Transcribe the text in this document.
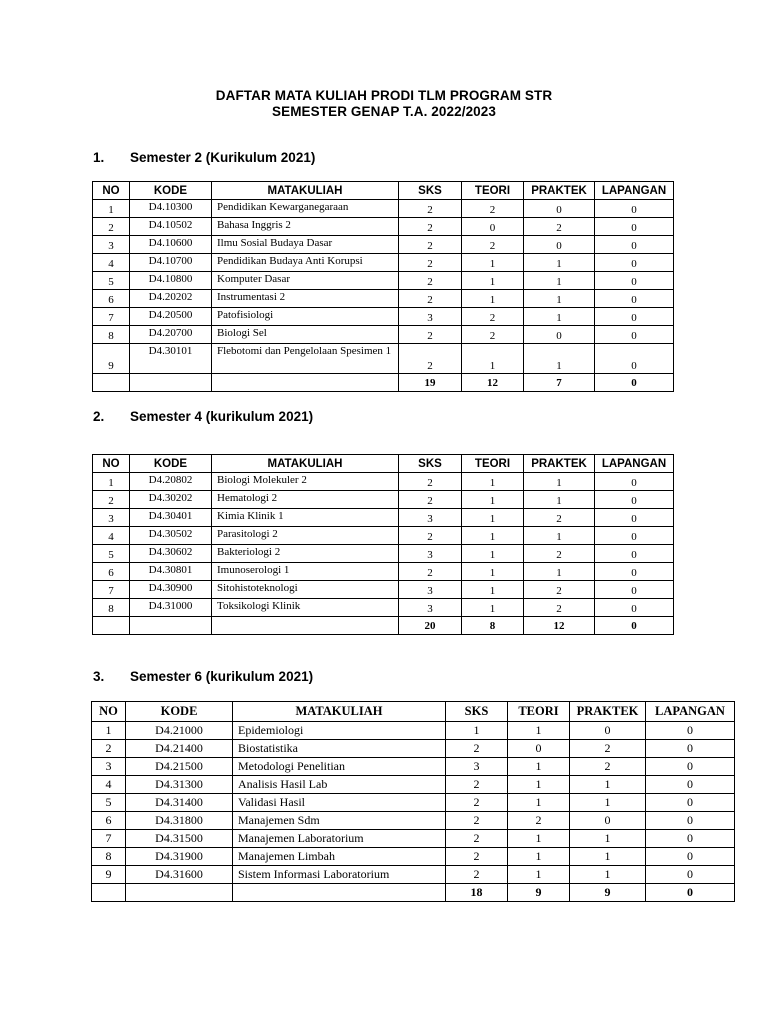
DAFTAR MATA KULIAH PRODI TLM PROGRAM STR
SEMESTER GENAP T.A. 2022/2023
1. Semester 2 (Kurikulum 2021)
NO	KODE	MATAKULIAH	SKS	TEORI	PRAKTEK	LAPANGAN
1	D4.10300	Pendidikan Kewarganegaraan	2	2	0	0
2	D4.10502	Bahasa Inggris 2	2	0	2	0
3	D4.10600	Ilmu Sosial Budaya Dasar	2	2	0	0
4	D4.10700	Pendidikan Budaya Anti Korupsi	2	1	1	0
5	D4.10800	Komputer Dasar	2	1	1	0
6	D4.20202	Instrumentasi 2	2	1	1	0
7	D4.20500	Patofisiologi	3	2	1	0
8	D4.20700	Biologi Sel	2	2	0	0
9	D4.30101	Flebotomi dan Pengelolaan Spesimen 1	2	1	1	0
			19	12	7	0
2. Semester 4 (kurikulum 2021)
NO	KODE	MATAKULIAH	SKS	TEORI	PRAKTEK	LAPANGAN
1	D4.20802	Biologi Molekuler 2	2	1	1	0
2	D4.30202	Hematologi 2	2	1	1	0
3	D4.30401	Kimia Klinik 1	3	1	2	0
4	D4.30502	Parasitologi 2	2	1	1	0
5	D4.30602	Bakteriologi 2	3	1	2	0
6	D4.30801	Imunoserologi 1	2	1	1	0
7	D4.30900	Sitohistoteknologi	3	1	2	0
8	D4.31000	Toksikologi Klinik	3	1	2	0
			20	8	12	0
3. Semester 6 (kurikulum 2021)
NO	KODE	MATAKULIAH	SKS	TEORI	PRAKTEK	LAPANGAN
1	D4.21000	Epidemiologi	1	1	0	0
2	D4.21400	Biostatistika	2	0	2	0
3	D4.21500	Metodologi Penelitian	3	1	2	0
4	D4.31300	Analisis Hasil Lab	2	1	1	0
5	D4.31400	Validasi Hasil	2	1	1	0
6	D4.31800	Manajemen Sdm	2	2	0	0
7	D4.31500	Manajemen Laboratorium	2	1	1	0
8	D4.31900	Manajemen Limbah	2	1	1	0
9	D4.31600	Sistem Informasi Laboratorium	2	1	1	0
			18	9	9	0
